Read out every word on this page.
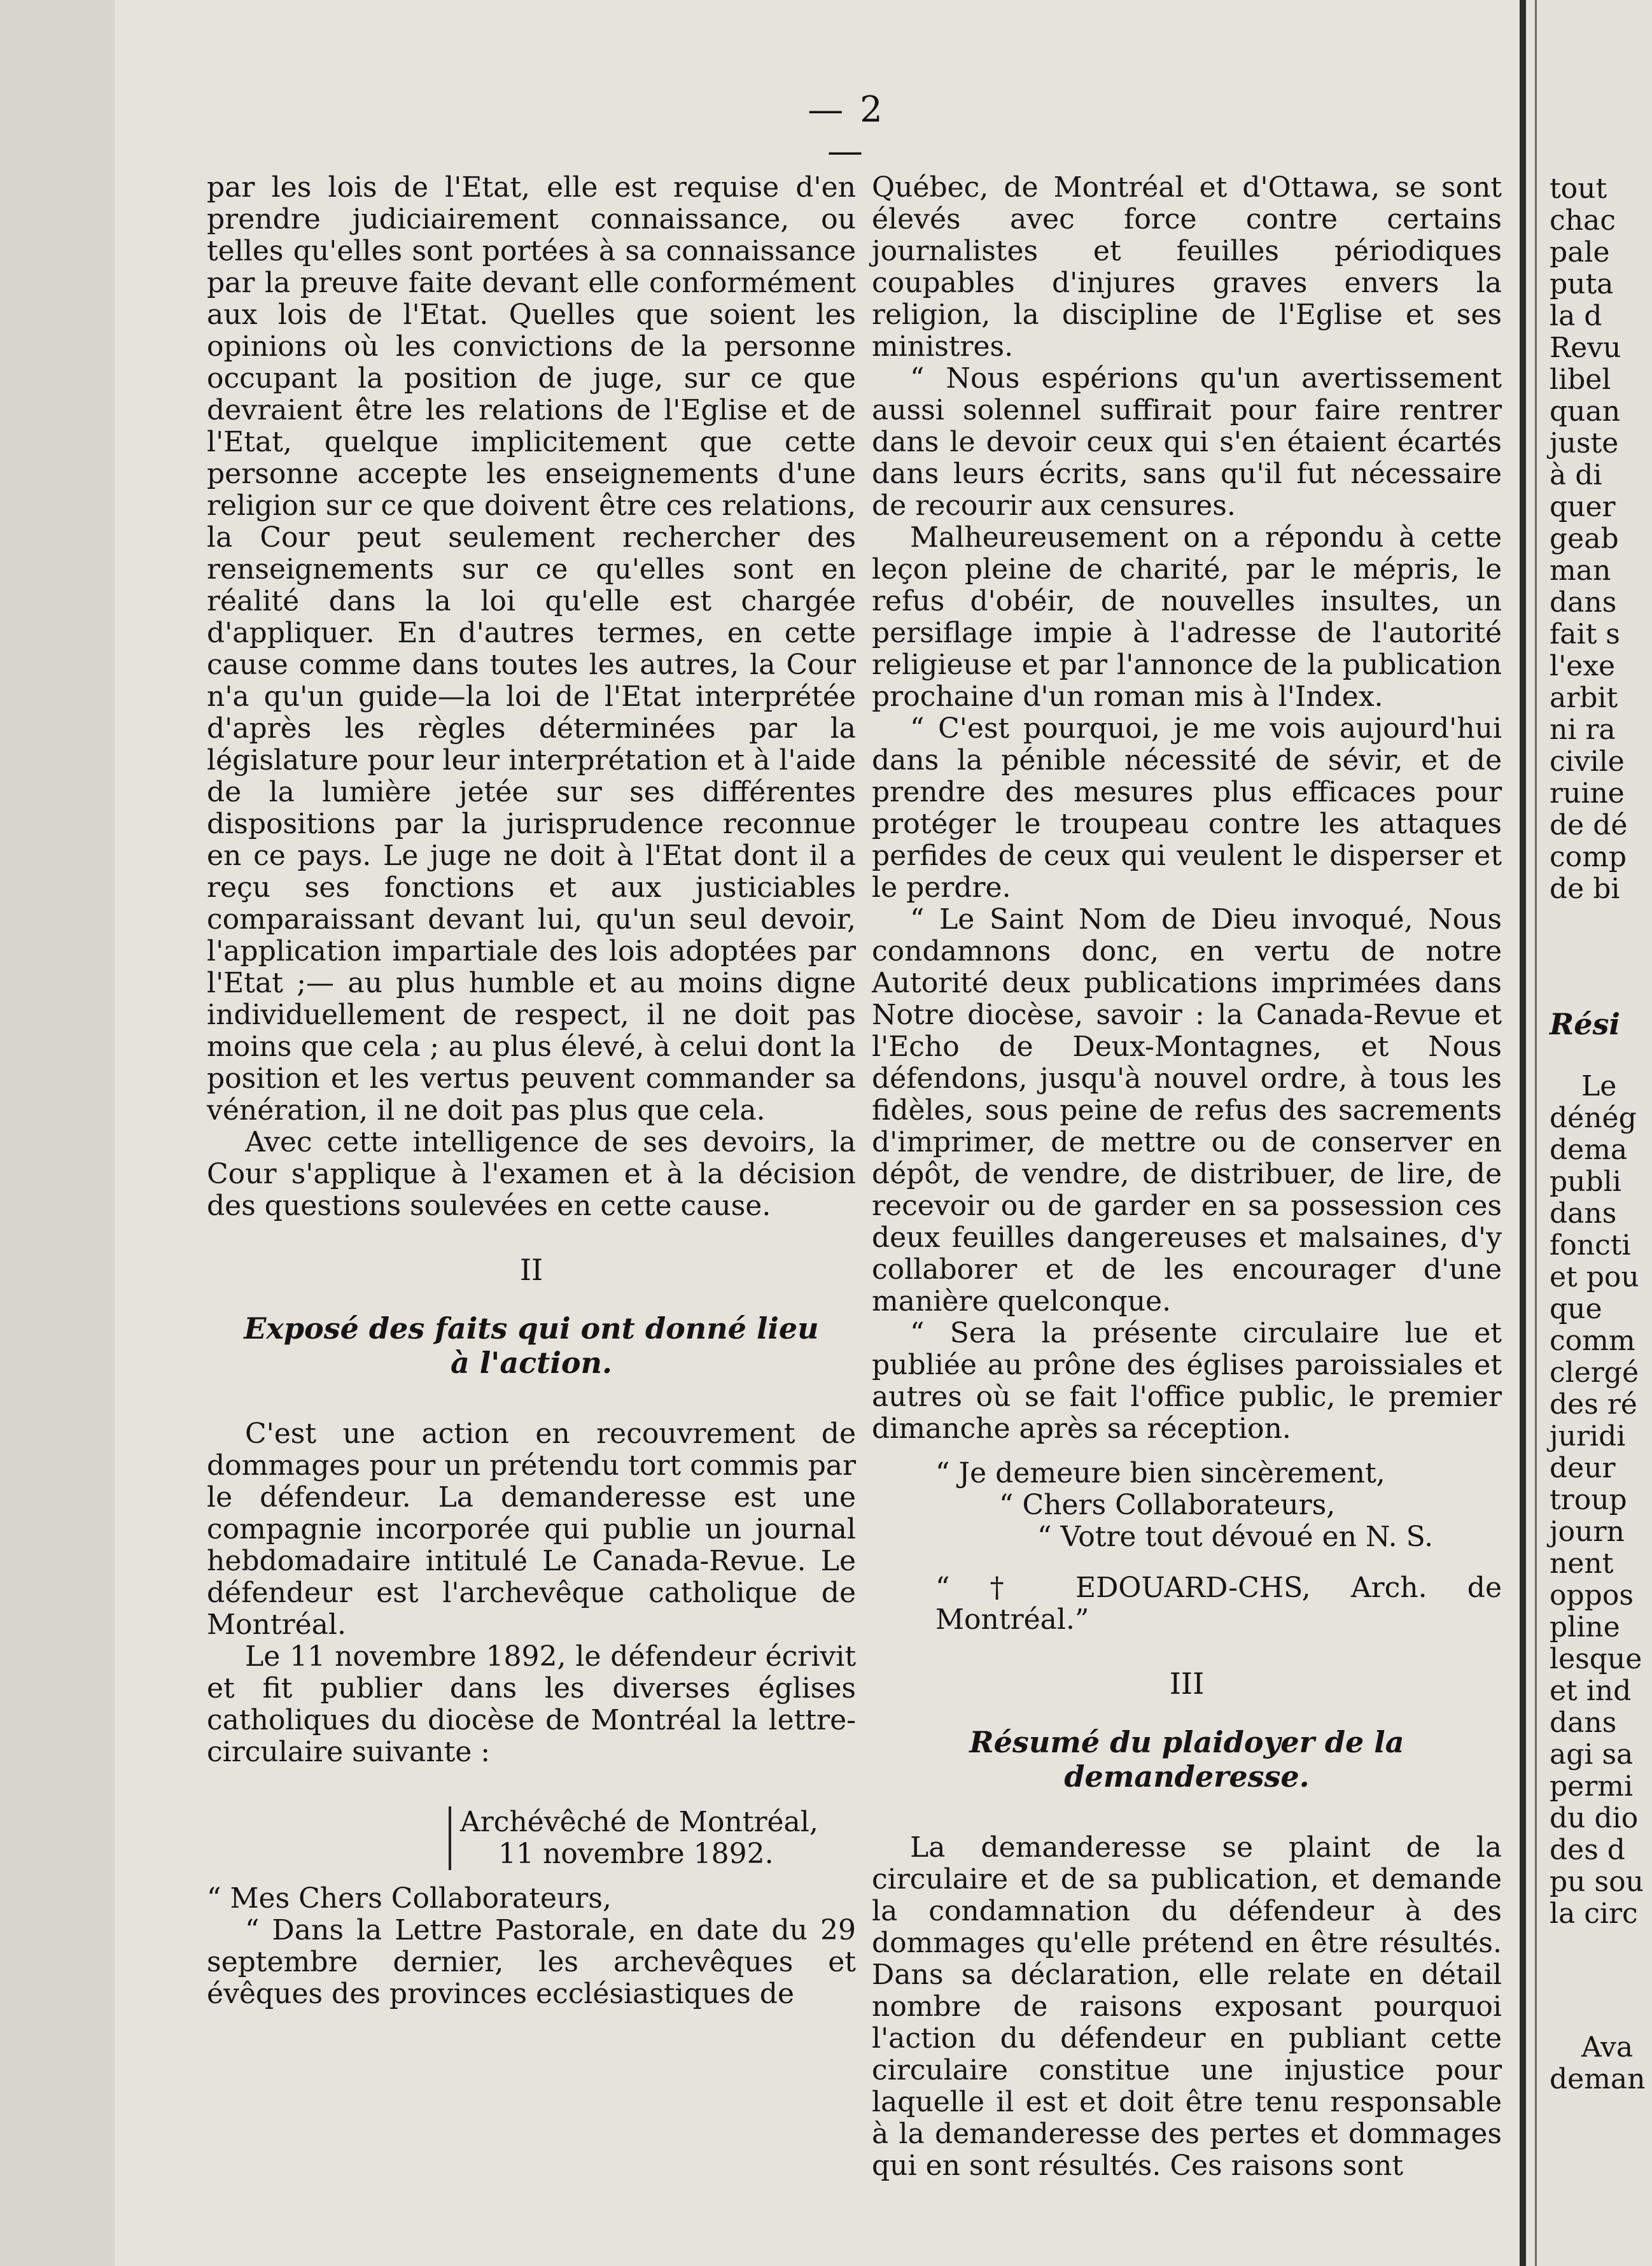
— 2 —

par les lois de l'Etat, elle est requise d'en prendre judiciairement connaissance, ou telles qu'elles sont portées à sa connaissance par la preuve faite devant elle conformément aux lois de l'Etat. Quelles que soient les opinions où les convictions de la personne occupant la position de juge, sur ce que devraient être les relations de l'Eglise et de l'Etat, quelque implicitement que cette personne accepte les enseignements d'une religion sur ce que doivent être ces relations, la Cour peut seulement rechercher des renseignements sur ce qu'elles sont en réalité dans la loi qu'elle est chargée d'appliquer. En d'autres termes, en cette cause comme dans toutes les autres, la Cour n'a qu'un guide—la loi de l'Etat interprétée d'après les règles déterminées par la législature pour leur interprétation et à l'aide de la lumière jetée sur ses différentes dispositions par la jurisprudence reconnue en ce pays. Le juge ne doit à l'Etat dont il a reçu ses fonctions et aux justiciables comparaissant devant lui, qu'un seul devoir, l'application impartiale des lois adoptées par l'Etat ;— au plus humble et au moins digne individuellement de respect, il ne doit pas moins que cela ; au plus élevé, à celui dont la position et les vertus peuvent commander sa vénération, il ne doit pas plus que cela.

Avec cette intelligence de ses devoirs, la Cour s'applique à l'examen et à la décision des questions soulevées en cette cause.

II
Exposé des faits qui ont donné lieu
à l'action.

C'est une action en recouvrement de dommages pour un prétendu tort commis par le défendeur. La demanderesse est une compagnie incorporée qui publie un journal hebdomadaire intitulé Le Canada-Revue. Le défendeur est l'archevêque catholique de Montréal.

Le 11 novembre 1892, le défendeur écrivit et fit publier dans les diverses églises catholiques du diocèse de Montréal la lettre-circulaire suivante :

Archévêché de Montréal,
11 novembre 1892.

“ Mes Chers Collaborateurs,

“ Dans la Lettre Pastorale, en date du 29 septembre dernier, les archevêques et évêques des provinces ecclésiastiques de

Québec, de Montréal et d'Ottawa, se sont élevés avec force contre certains journalistes et feuilles périodiques coupables d'injures graves envers la religion, la discipline de l'Eglise et ses ministres.

“ Nous espérions qu'un avertissement aussi solennel suffirait pour faire rentrer dans le devoir ceux qui s'en étaient écartés dans leurs écrits, sans qu'il fut nécessaire de recourir aux censures.

Malheureusement on a répondu à cette leçon pleine de charité, par le mépris, le refus d'obéir, de nouvelles insultes, un persiflage impie à l'adresse de l'autorité religieuse et par l'annonce de la publication prochaine d'un roman mis à l'Index.

“ C'est pourquoi, je me vois aujourd'hui dans la pénible nécessité de sévir, et de prendre des mesures plus efficaces pour protéger le troupeau contre les attaques perfides de ceux qui veulent le disperser et le perdre.

“ Le Saint Nom de Dieu invoqué, Nous condamnons donc, en vertu de notre Autorité deux publications imprimées dans Notre diocèse, savoir : la Canada-Revue et l'Echo de Deux-Montagnes, et Nous défendons, jusqu'à nouvel ordre, à tous les fidèles, sous peine de refus des sacrements d'imprimer, de mettre ou de conserver en dépôt, de vendre, de distribuer, de lire, de recevoir ou de garder en sa possession ces deux feuilles dangereuses et malsaines, d'y collaborer et de les encourager d'une manière quelconque.

“ Sera la présente circulaire lue et publiée au prône des églises paroissiales et autres où se fait l'office public, le premier dimanche après sa réception.

“ Je demeure bien sincèrement,
“ Chers Collaborateurs,
“ Votre tout dévoué en N. S.
“ † EDOUARD-CHS, Arch. de Montréal.”
III
Résumé du plaidoyer de la
demanderesse.

La demanderesse se plaint de la circulaire et de sa publication, et demande la condamnation du défendeur à des dommages qu'elle prétend en être résultés. Dans sa déclaration, elle relate en détail nombre de raisons exposant pourquoi l'action du défendeur en publiant cette circulaire constitue une injustice pour laquelle il est et doit être tenu responsable à la demanderesse des pertes et dommages qui en sont résultés. Ces raisons sont

tout
chac
pale
puta
la d
Revu
libel
quan
juste
à di
quer
geab
man
dans
fait s
l'exe
arbit
ni ra
civile
ruine
de dé
comp
de bi
Rési
Le
dénég
dema
publi
dans
foncti
et pou
que
comm
clergé
des ré
juridi
deur
troup
journ
nent
oppos
pline
lesque
et ind
dans
agi sa
permi
du dio
des d
pu sou
la circ
Ava
deman
